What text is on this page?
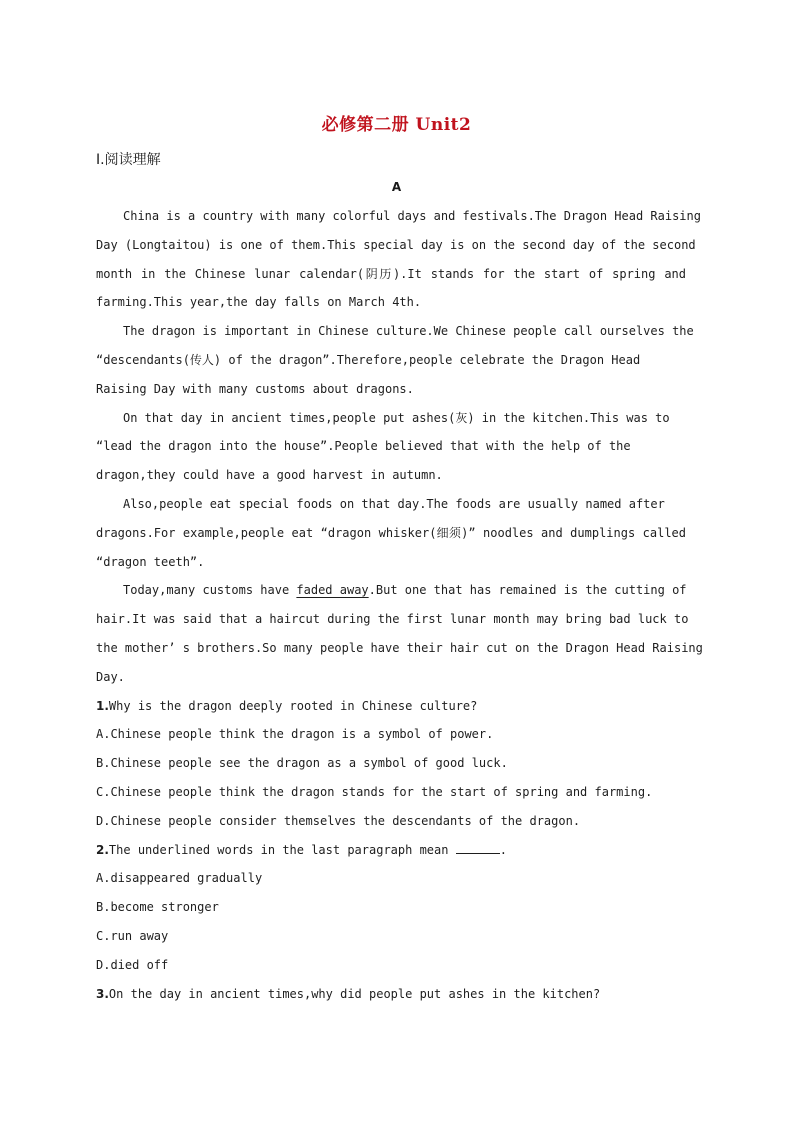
必修第二册 Unit2
Ⅰ.阅读理解
A
China is a country with many colorful days and festivals.The Dragon Head Raising
Day (Longtaitou) is one of them.This special day is on the second day of the second
month in the Chinese lunar calendar(阴历).It stands for the start of spring and
farming.This year,the day falls on March 4th.
The dragon is important in Chinese culture.We Chinese people call ourselves the
“descendants(传人) of the dragon”.Therefore,people celebrate the Dragon Head
Raising Day with many customs about dragons.
On that day in ancient times,people put ashes(灰) in the kitchen.This was to
“lead the dragon into the house”.People believed that with the help of the
dragon,they could have a good harvest in autumn.
Also,people eat special foods on that day.The foods are usually named after
dragons.For example,people eat “dragon whisker(细须)” noodles and dumplings called
“dragon teeth”.
Today,many customs have faded away.But one that has remained is the cutting of
hair.It was said that a haircut during the first lunar month may bring bad luck to
the mother’ s brothers.So many people have their hair cut on the Dragon Head Raising
Day.
1.Why is the dragon deeply rooted in Chinese culture?
A.Chinese people think the dragon is a symbol of power.
B.Chinese people see the dragon as a symbol of good luck.
C.Chinese people think the dragon stands for the start of spring and farming.
D.Chinese people consider themselves the descendants of the dragon.
2.The underlined words in the last paragraph mean	.
A.disappeared gradually
B.become stronger
C.run away
D.died off
3.On the day in ancient times,why did people put ashes in the kitchen?
